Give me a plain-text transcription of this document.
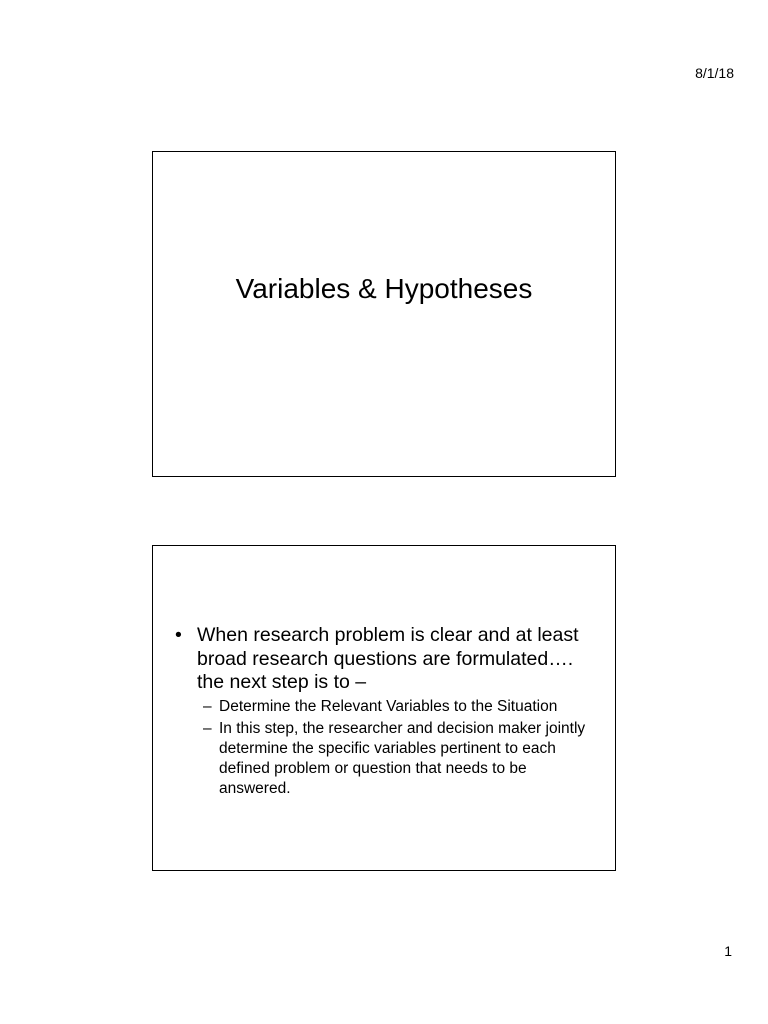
8/1/18
Variables & Hypotheses
• When research problem is clear and at least broad research questions are formulated…. the next step is to –
– Determine the Relevant Variables to the Situation
– In this step, the researcher and decision maker jointly determine the specific variables pertinent to each defined problem or question that needs to be answered.
1
